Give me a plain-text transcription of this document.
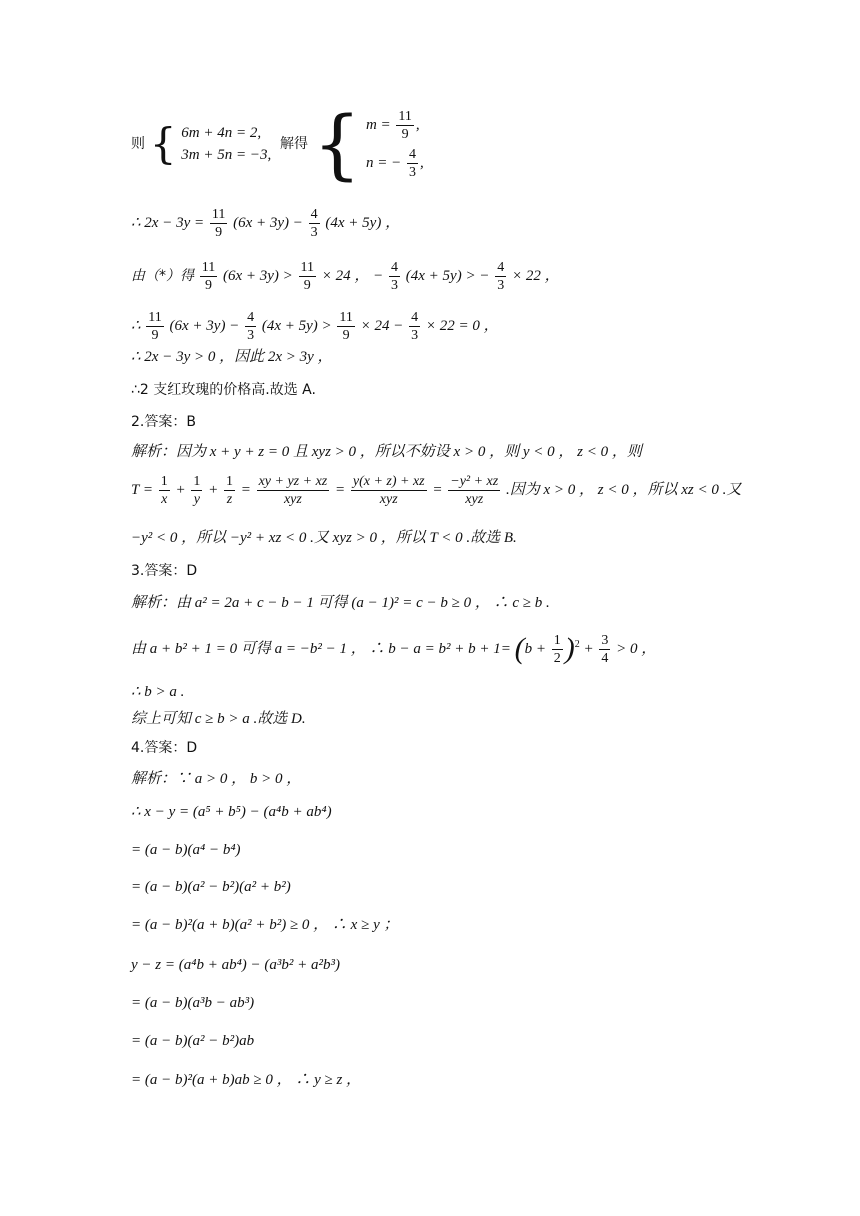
则 { 6m + 4n = 2,
3m + 5n = −3,
解得 { $m = \frac{11}{9}$ ,
n = − $\frac{4}{3}$ ,
∴ $2x - 3y = \frac{11}{9} (6x + 3y) - \frac{4}{3} (4x + 5y)$ ，
由（*）得 $\frac{11}{9} (6x + 3y) > \frac{11}{9} \times 24$ ， − $\frac{4}{3} (4x + 5y)$ > − $\frac{4}{3} \times 22$ ，
∴ $\frac{11}{9} (6x + 3y) - \frac{4}{3} (4x + 5y) > \frac{11}{9} \times 24 - \frac{4}{3} \times 22 = 0$ ，
∴ 2x − 3y > 0 ，因此 2x > 3y ，
∴2 支红玫瑰的价格高.故选 A.
2.答案：B
解析：因为 x + y + z = 0 且 xyz > 0 ，所以不妨设 x > 0 ，则 y < 0 ， z < 0 ，则
$T = \frac{1}{x} + \frac{1}{y} + \frac{1}{z} = \frac{xy + yz + xz}{\text{xyz}} = \frac{y(x + z) + xz}{\text{xyz}} = \frac{\text{−y² + xz}}{\text{xyz}}$ .因为 x > 0 ， z < 0 ，所以 xz < 0 .又
−y² < 0 ，所以 −y² + xz < 0 .又 xyz > 0 ，所以 T < 0 .故选 B.
3.答案：D
解析：由 a² = 2a + c − b − 1 可得 (a − 1)² = c − b ≥ 0 ， ∴ c ≥ b .
由 a + b² + 1 = 0 可得 a = −b² − 1 ， ∴ $b - a = b^2 + b + 1= (b + \frac{1}{2} )^2 + \frac{3}{4} > 0$ ，
∴ b > a .
综上可知 c ≥ b > a .故选 D.
4.答案：D
解析：∵ a > 0 ， b > 0 ，
∴ x − y = (a⁵ + b⁵) − (a⁴b + ab⁴)
= (a − b)(a⁴ − b⁴)
= (a − b)(a² − b²)(a² + b²)
= (a − b)²(a + b)(a² + b²) ≥ 0 ， ∴ x ≥ y ；
y − z = (a⁴b + ab⁴) − (a³b² + a²b³)
= (a − b)(a³b − ab³)
= (a − b)(a² − b²)ab
= (a − b)²(a + b)ab ≥ 0 ， ∴ y ≥ z ，
